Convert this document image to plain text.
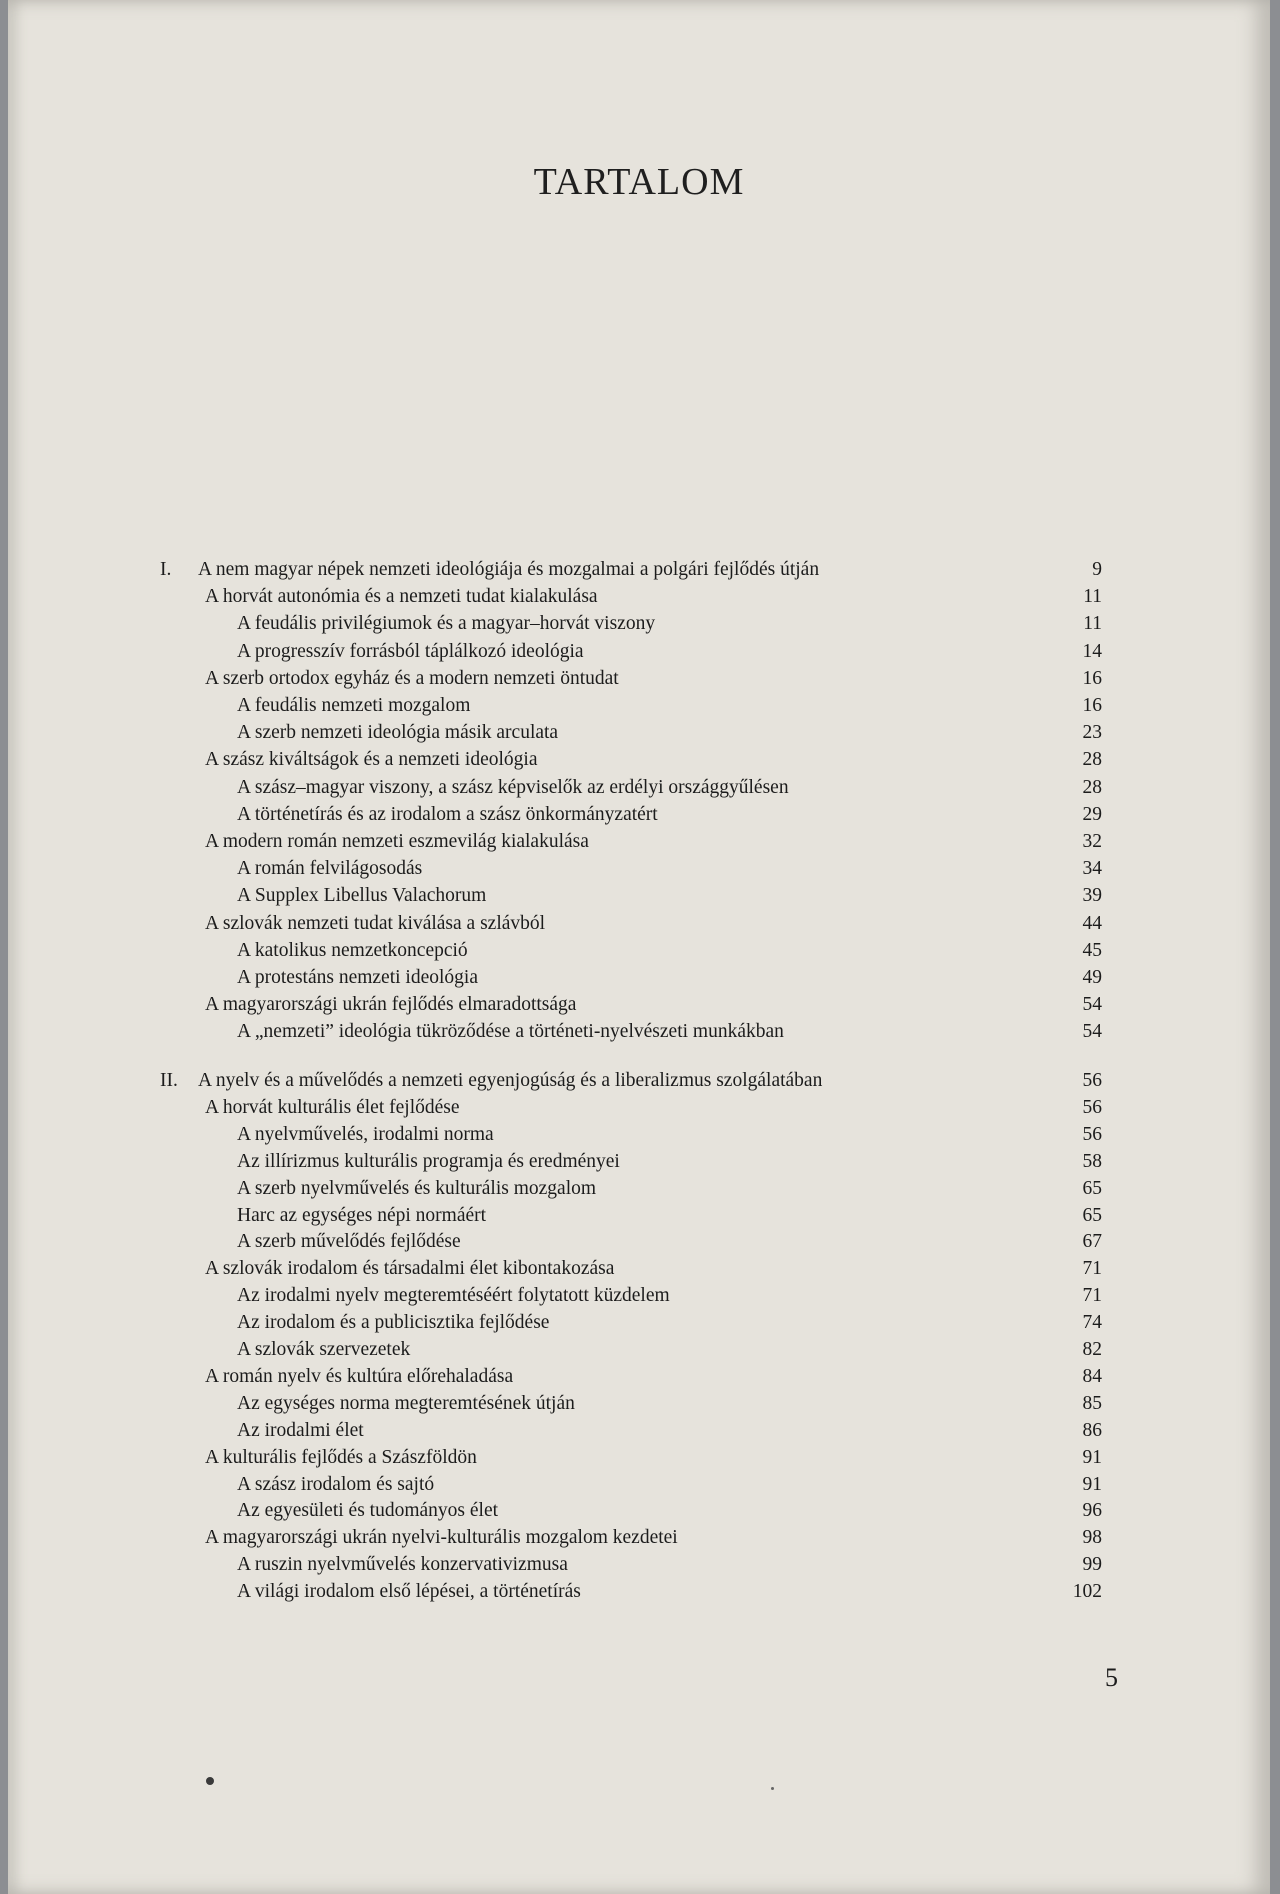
TARTALOM
I. A nem magyar népek nemzeti ideológiája és mozgalmai a polgári fejlődés útján	9
A horvát autonómia és a nemzeti tudat kialakulása	11
A feudális privilégiumok és a magyar–horvát viszony	11
A progresszív forrásból táplálkozó ideológia	14
A szerb ortodox egyház és a modern nemzeti öntudat	16
A feudális nemzeti mozgalom	16
A szerb nemzeti ideológia másik arculata	23
A szász kiváltságok és a nemzeti ideológia	28
A szász–magyar viszony, a szász képviselők az erdélyi országgyűlésen	28
A történetírás és az irodalom a szász önkormányzatért	29
A modern román nemzeti eszmevilág kialakulása	32
A román felvilágosodás	34
A Supplex Libellus Valachorum	39
A szlovák nemzeti tudat kiválása a szlávból	44
A katolikus nemzetkoncepció	45
A protestáns nemzeti ideológia	49
A magyarországi ukrán fejlődés elmaradottsága	54
A „nemzeti” ideológia tükröződése a történeti-nyelvészeti munkákban	54
II. A nyelv és a művelődés a nemzeti egyenjogúság és a liberalizmus szolgálatában	56
A horvát kulturális élet fejlődése	56
A nyelvművelés, irodalmi norma	56
Az illírizmus kulturális programja és eredményei	58
A szerb nyelvművelés és kulturális mozgalom	65
Harc az egységes népi normáért	65
A szerb művelődés fejlődése	67
A szlovák irodalom és társadalmi élet kibontakozása	71
Az irodalmi nyelv megteremtéséért folytatott küzdelem	71
Az irodalom és a publicisztika fejlődése	74
A szlovák szervezetek	82
A román nyelv és kultúra előrehaladása	84
Az egységes norma megteremtésének útján	85
Az irodalmi élet	86
A kulturális fejlődés a Szászföldön	91
A szász irodalom és sajtó	91
Az egyesületi és tudományos élet	96
A magyarországi ukrán nyelvi-kulturális mozgalom kezdetei	98
A ruszin nyelvművelés konzervativizmusa	99
A világi irodalom első lépései, a történetírás	102
5
